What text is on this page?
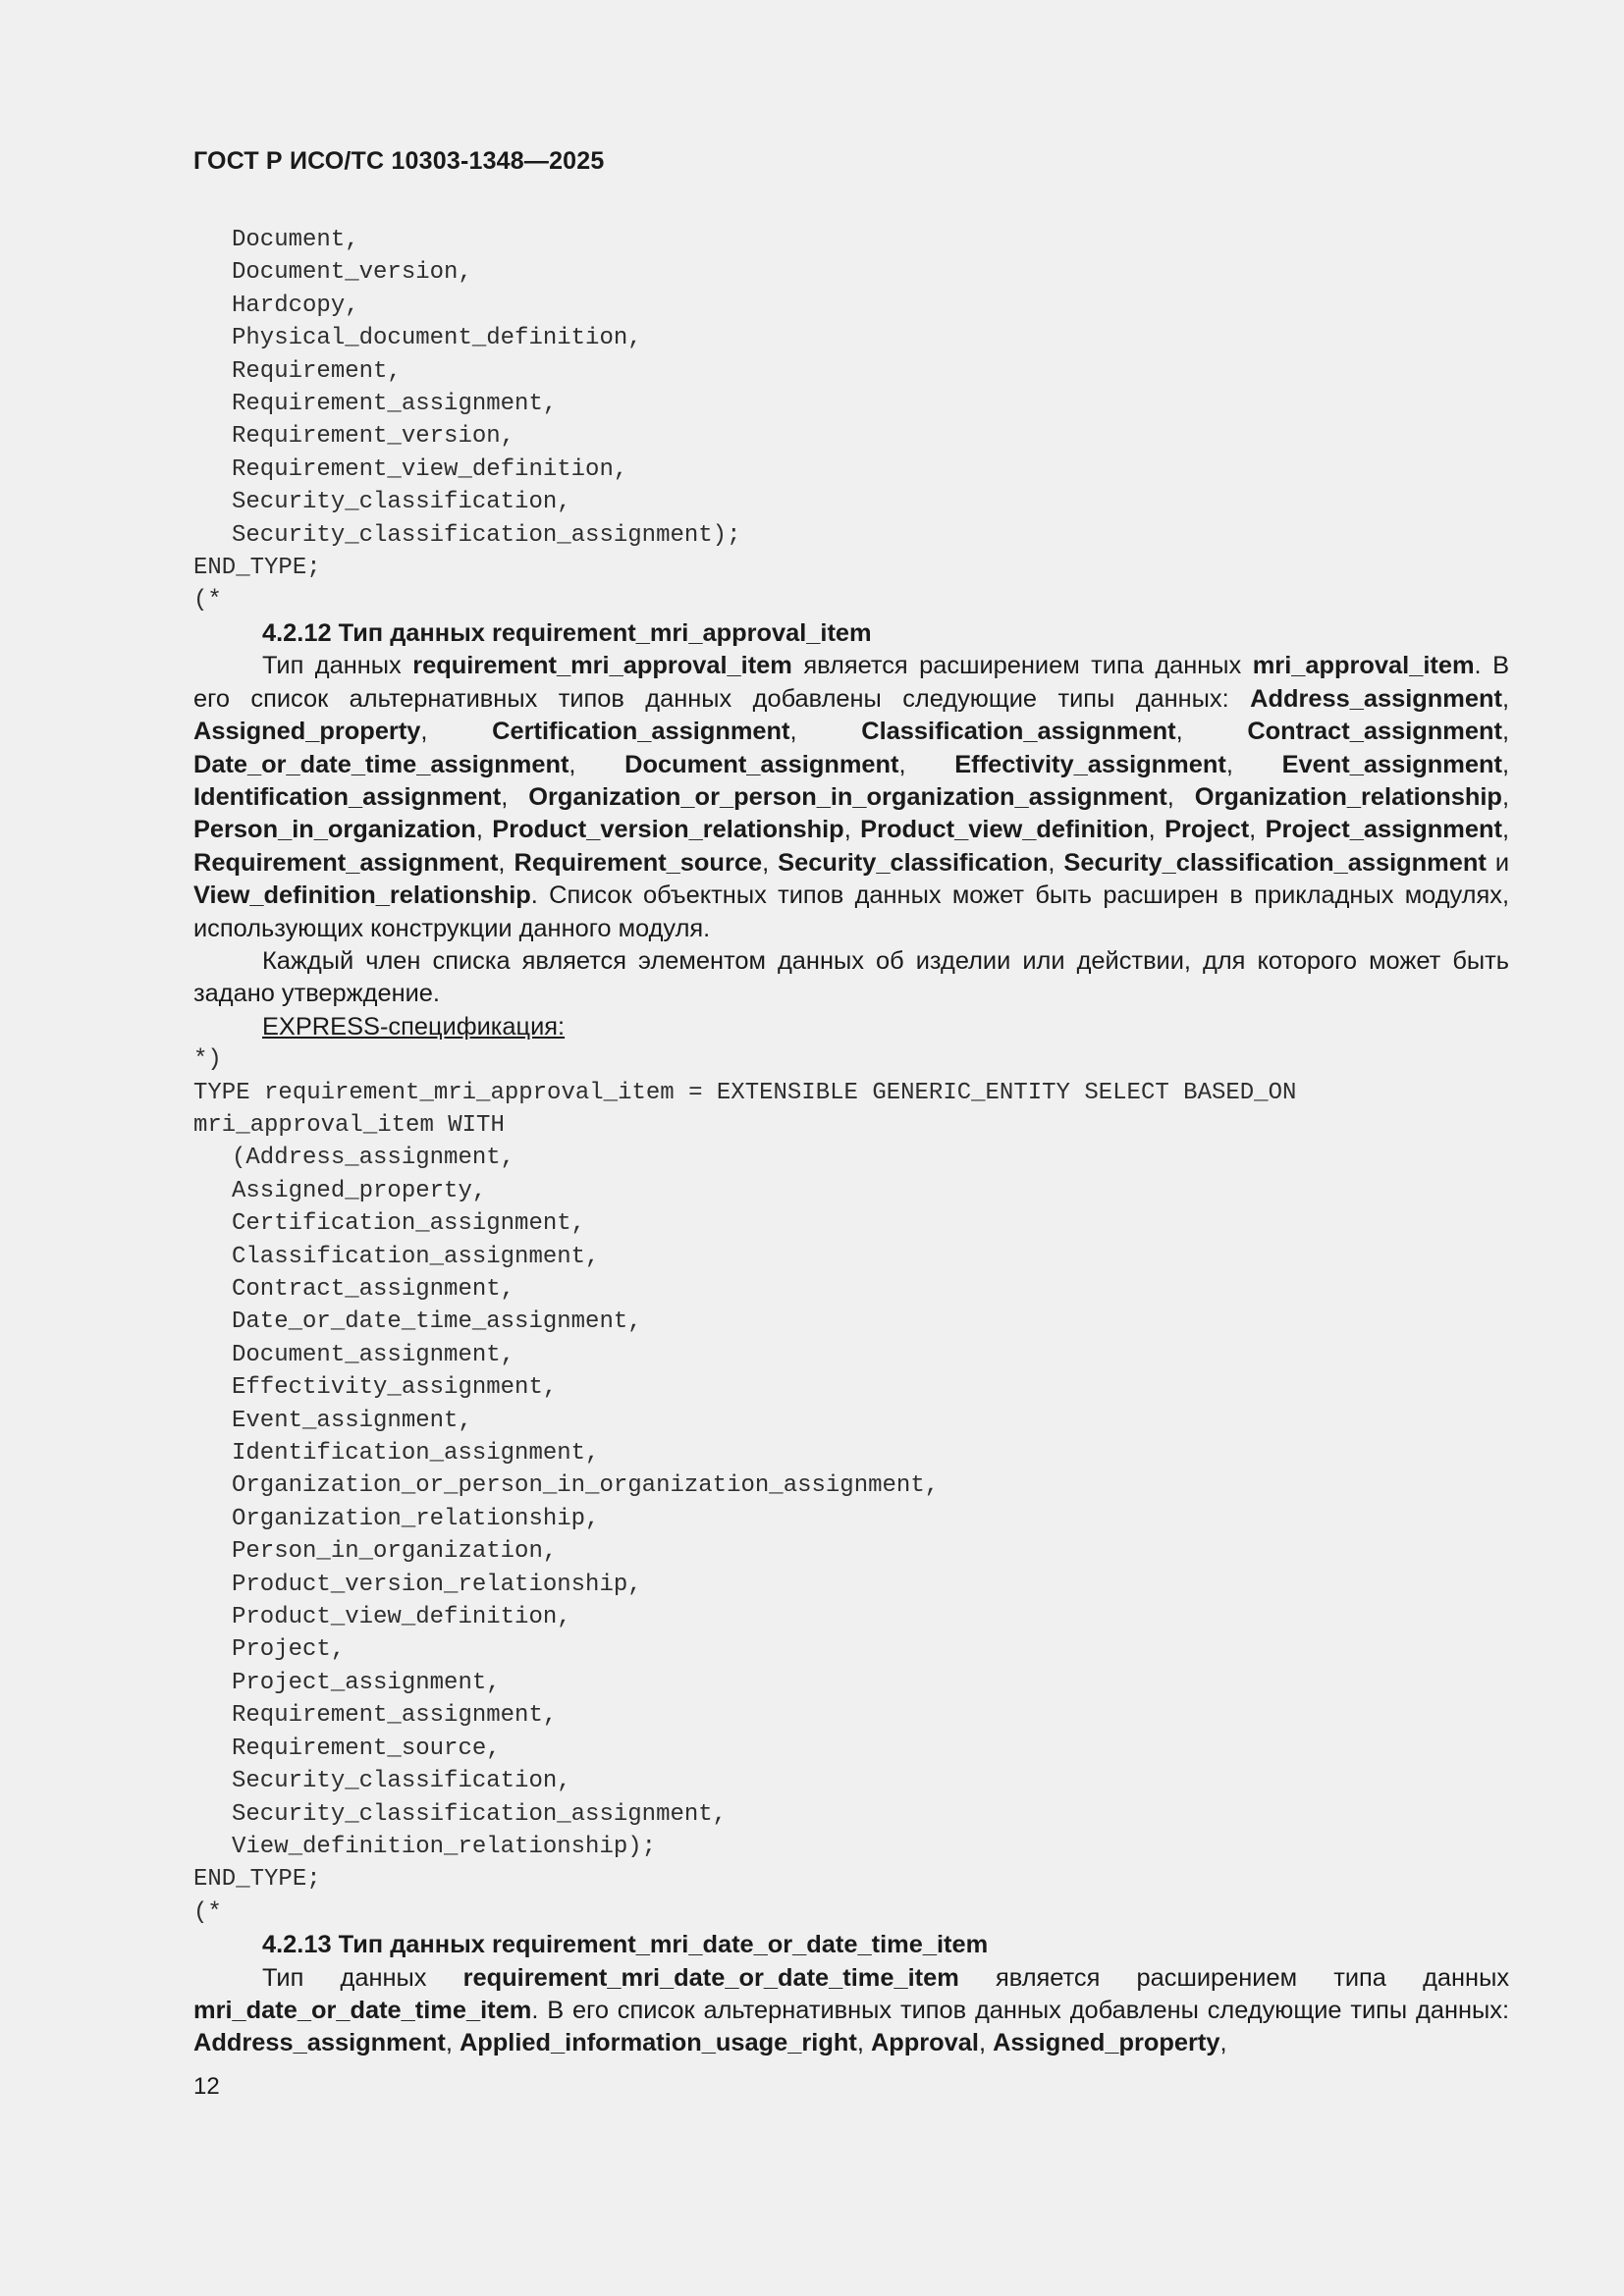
ГОСТ Р ИСО/ТС 10303-1348—2025
Document,
Document_version,
Hardcopy,
Physical_document_definition,
Requirement,
Requirement_assignment,
Requirement_version,
Requirement_view_definition,
Security_classification,
Security_classification_assignment);
END_TYPE;
(*

4.2.12 Тип данных requirement_mri_approval_item

Тип данных requirement_mri_approval_item является расширением типа данных mri_approval_item. В его список альтернативных типов данных добавлены следующие типы данных: Address_assignment, Assigned_property, Certification_assignment, Classification_assignment, Contract_assignment, Date_or_date_time_assignment, Document_assignment, Effectivity_assignment, Event_assignment, Identification_assignment, Organization_or_person_in_organization_assignment, Organization_relationship, Person_in_organization, Product_version_relationship, Product_view_​definition, Project, Project_assignment, Requirement_assignment, Requirement_source, Security_​classification, Security_classification_assignment и View_definition_relationship. Список объектных типов данных может быть расширен в прикладных модулях, использующих конструкции данного модуля.

Каждый член списка является элементом данных об изделии или действии, для которого может быть задано утверждение.

EXPRESS-спецификация:

*)
TYPE requirement_mri_approval_item = EXTENSIBLE GENERIC_ENTITY SELECT BASED_ON
mri_approval_item WITH
(Address_assignment,
Assigned_property,
Certification_assignment,
Classification_assignment,
Contract_assignment,
Date_or_date_time_assignment,
Document_assignment,
Effectivity_assignment,
Event_assignment,
Identification_assignment,
Organization_or_person_in_organization_assignment,
Organization_relationship,
Person_in_organization,
Product_version_relationship,
Product_view_definition,
Project,
Project_assignment,
Requirement_assignment,
Requirement_source,
Security_classification,
Security_classification_assignment,
View_definition_relationship);
END_TYPE;
(*

4.2.13 Тип данных requirement_mri_date_or_date_time_item

Тип данных requirement_mri_date_or_date_time_item является расширением типа данных mri_date_or_date_time_item. В его список альтернативных типов данных добавлены следующие типы данных: Address_assignment, Applied_information_usage_right, Approval, Assigned_property,

12
